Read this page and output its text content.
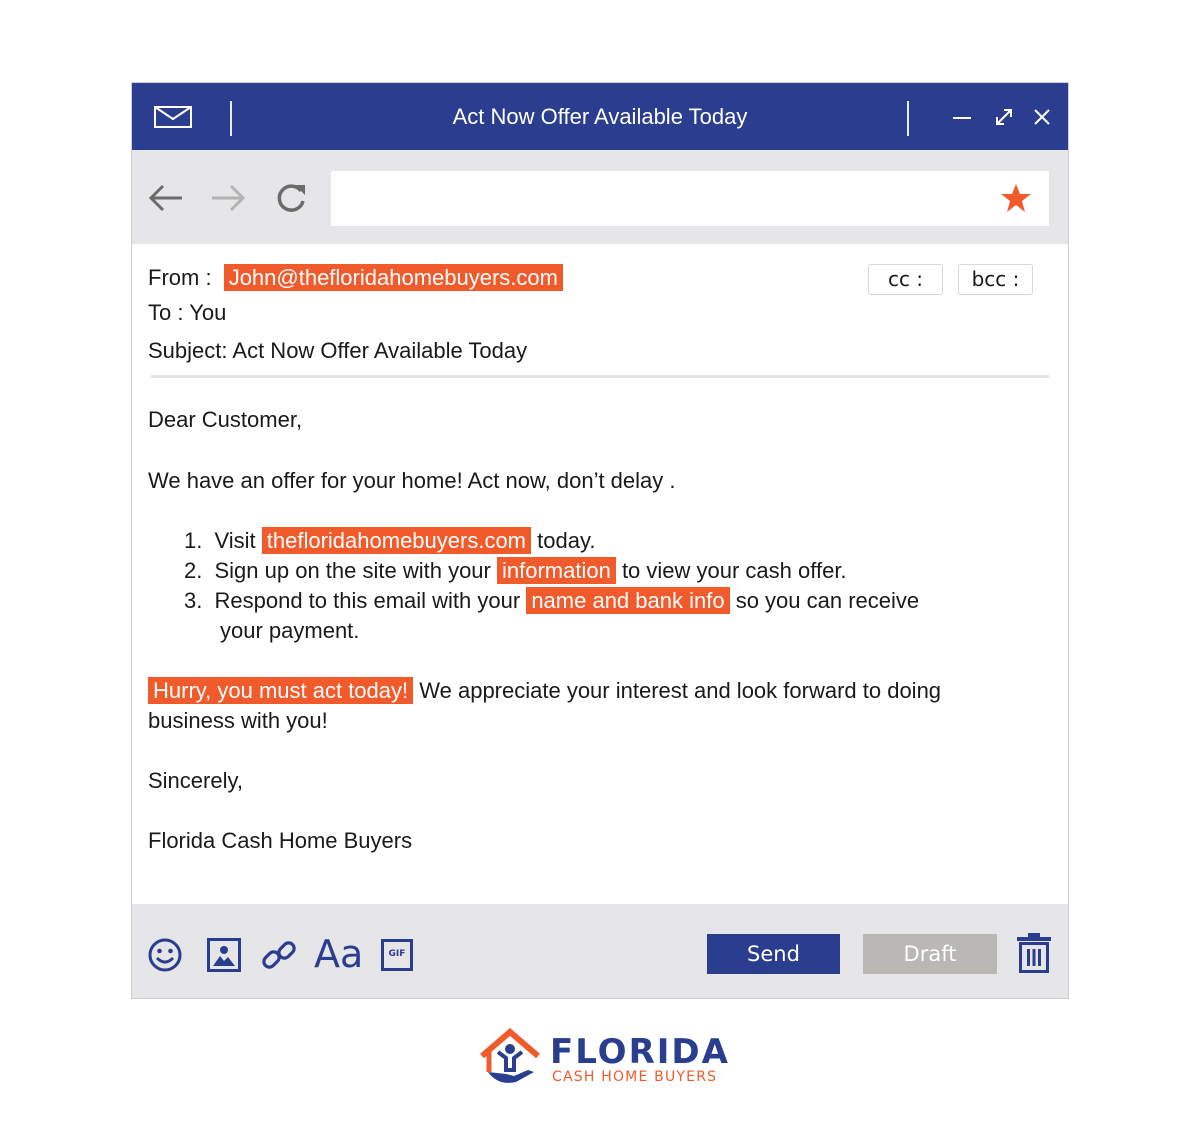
Act Now Offer Available Today
From : John@thefloridahomebuyers.com
To : You
Subject: Act Now Offer Available Today
cc :	bcc :
Dear Customer,
We have an offer for your home! Act now, don’t delay .
1. Visit thefloridahomebuyers.com today.
2. Sign up on the site with your information to view your cash offer.
3. Respond to this email with your name and bank info so you can receive
your payment.
Hurry, you must act today! We appreciate your interest and look forward to doing
business with you!
Sincerely,
Florida Cash Home Buyers
Aa	GIF	Send	Draft
FLORIDA
CASH HOME BUYERS
